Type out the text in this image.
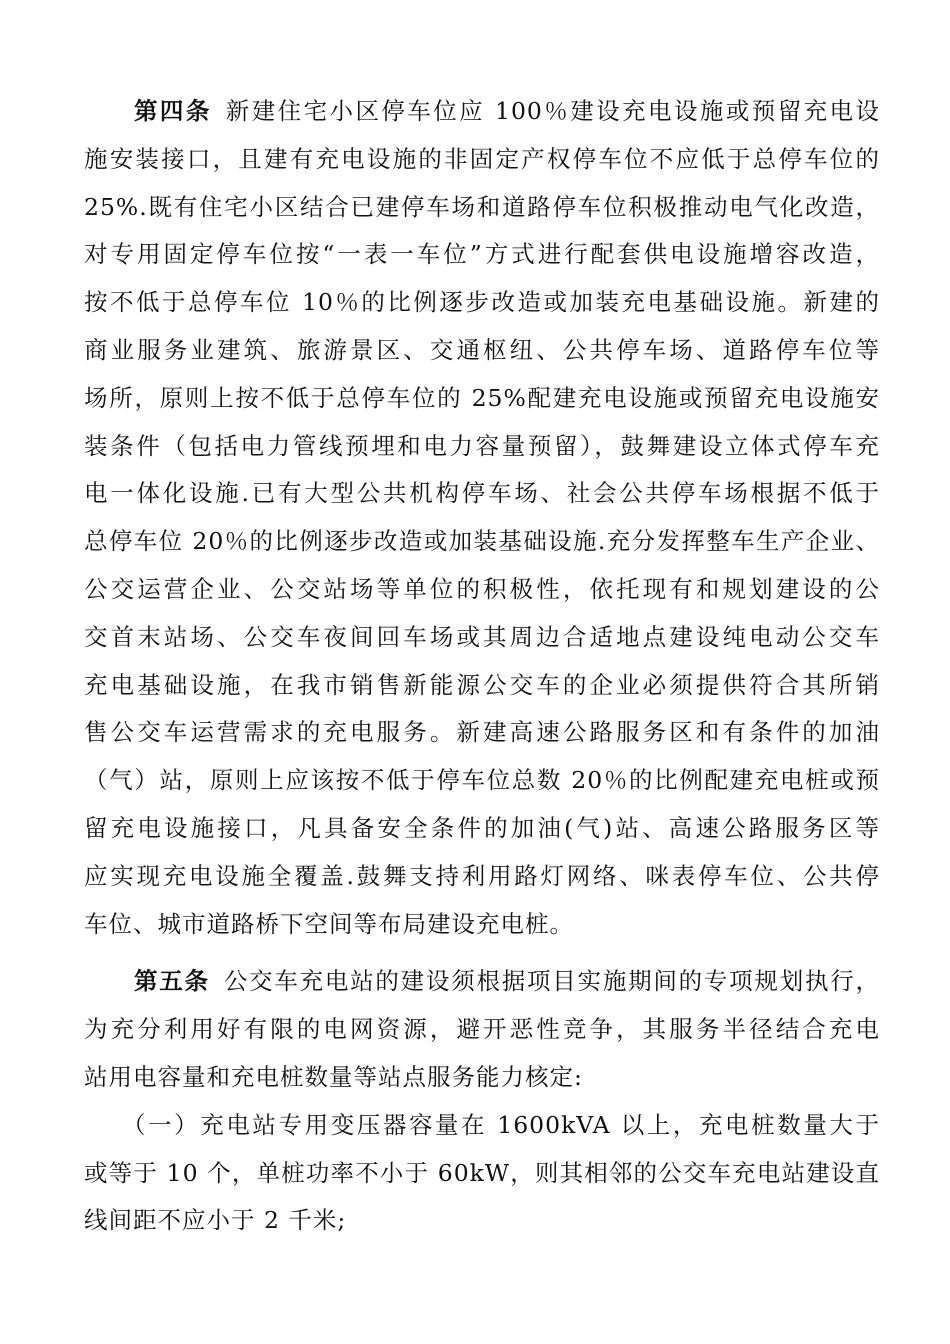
第四条 新建住宅小区停车位应 100％建设充电设施或预留充电设
施安装接口，且建有充电设施的非固定产权停车位不应低于总停车位的
25%.既有住宅小区结合已建停车场和道路停车位积极推动电气化改造，
对专用固定停车位按“一表一车位”方式进行配套供电设施增容改造，
按不低于总停车位 10％的比例逐步改造或加装充电基础设施。新建的
商业服务业建筑、旅游景区、交通枢纽、公共停车场、道路停车位等
场所，原则上按不低于总停车位的 25%配建充电设施或预留充电设施安
装条件（包括电力管线预埋和电力容量预留），鼓舞建设立体式停车充
电一体化设施.已有大型公共机构停车场、社会公共停车场根据不低于
总停车位 20％的比例逐步改造或加装基础设施.充分发挥整车生产企业、
公交运营企业、公交站场等单位的积极性，依托现有和规划建设的公
交首末站场、公交车夜间回车场或其周边合适地点建设纯电动公交车
充电基础设施，在我市销售新能源公交车的企业必须提供符合其所销
售公交车运营需求的充电服务。新建高速公路服务区和有条件的加油
（气）站，原则上应该按不低于停车位总数 20％的比例配建充电桩或预
留充电设施接口，凡具备安全条件的加油(气)站、高速公路服务区等
应实现充电设施全覆盖.鼓舞支持利用路灯网络、咪表停车位、公共停
车位、城市道路桥下空间等布局建设充电桩。
第五条 公交车充电站的建设须根据项目实施期间的专项规划执行，
为充分利用好有限的电网资源，避开恶性竞争，其服务半径结合充电
站用电容量和充电桩数量等站点服务能力核定:
（一）充电站专用变压器容量在 1600kVA 以上，充电桩数量大于
或等于 10 个，单桩功率不小于 60kW，则其相邻的公交车充电站建设直
线间距不应小于 2 千米;
